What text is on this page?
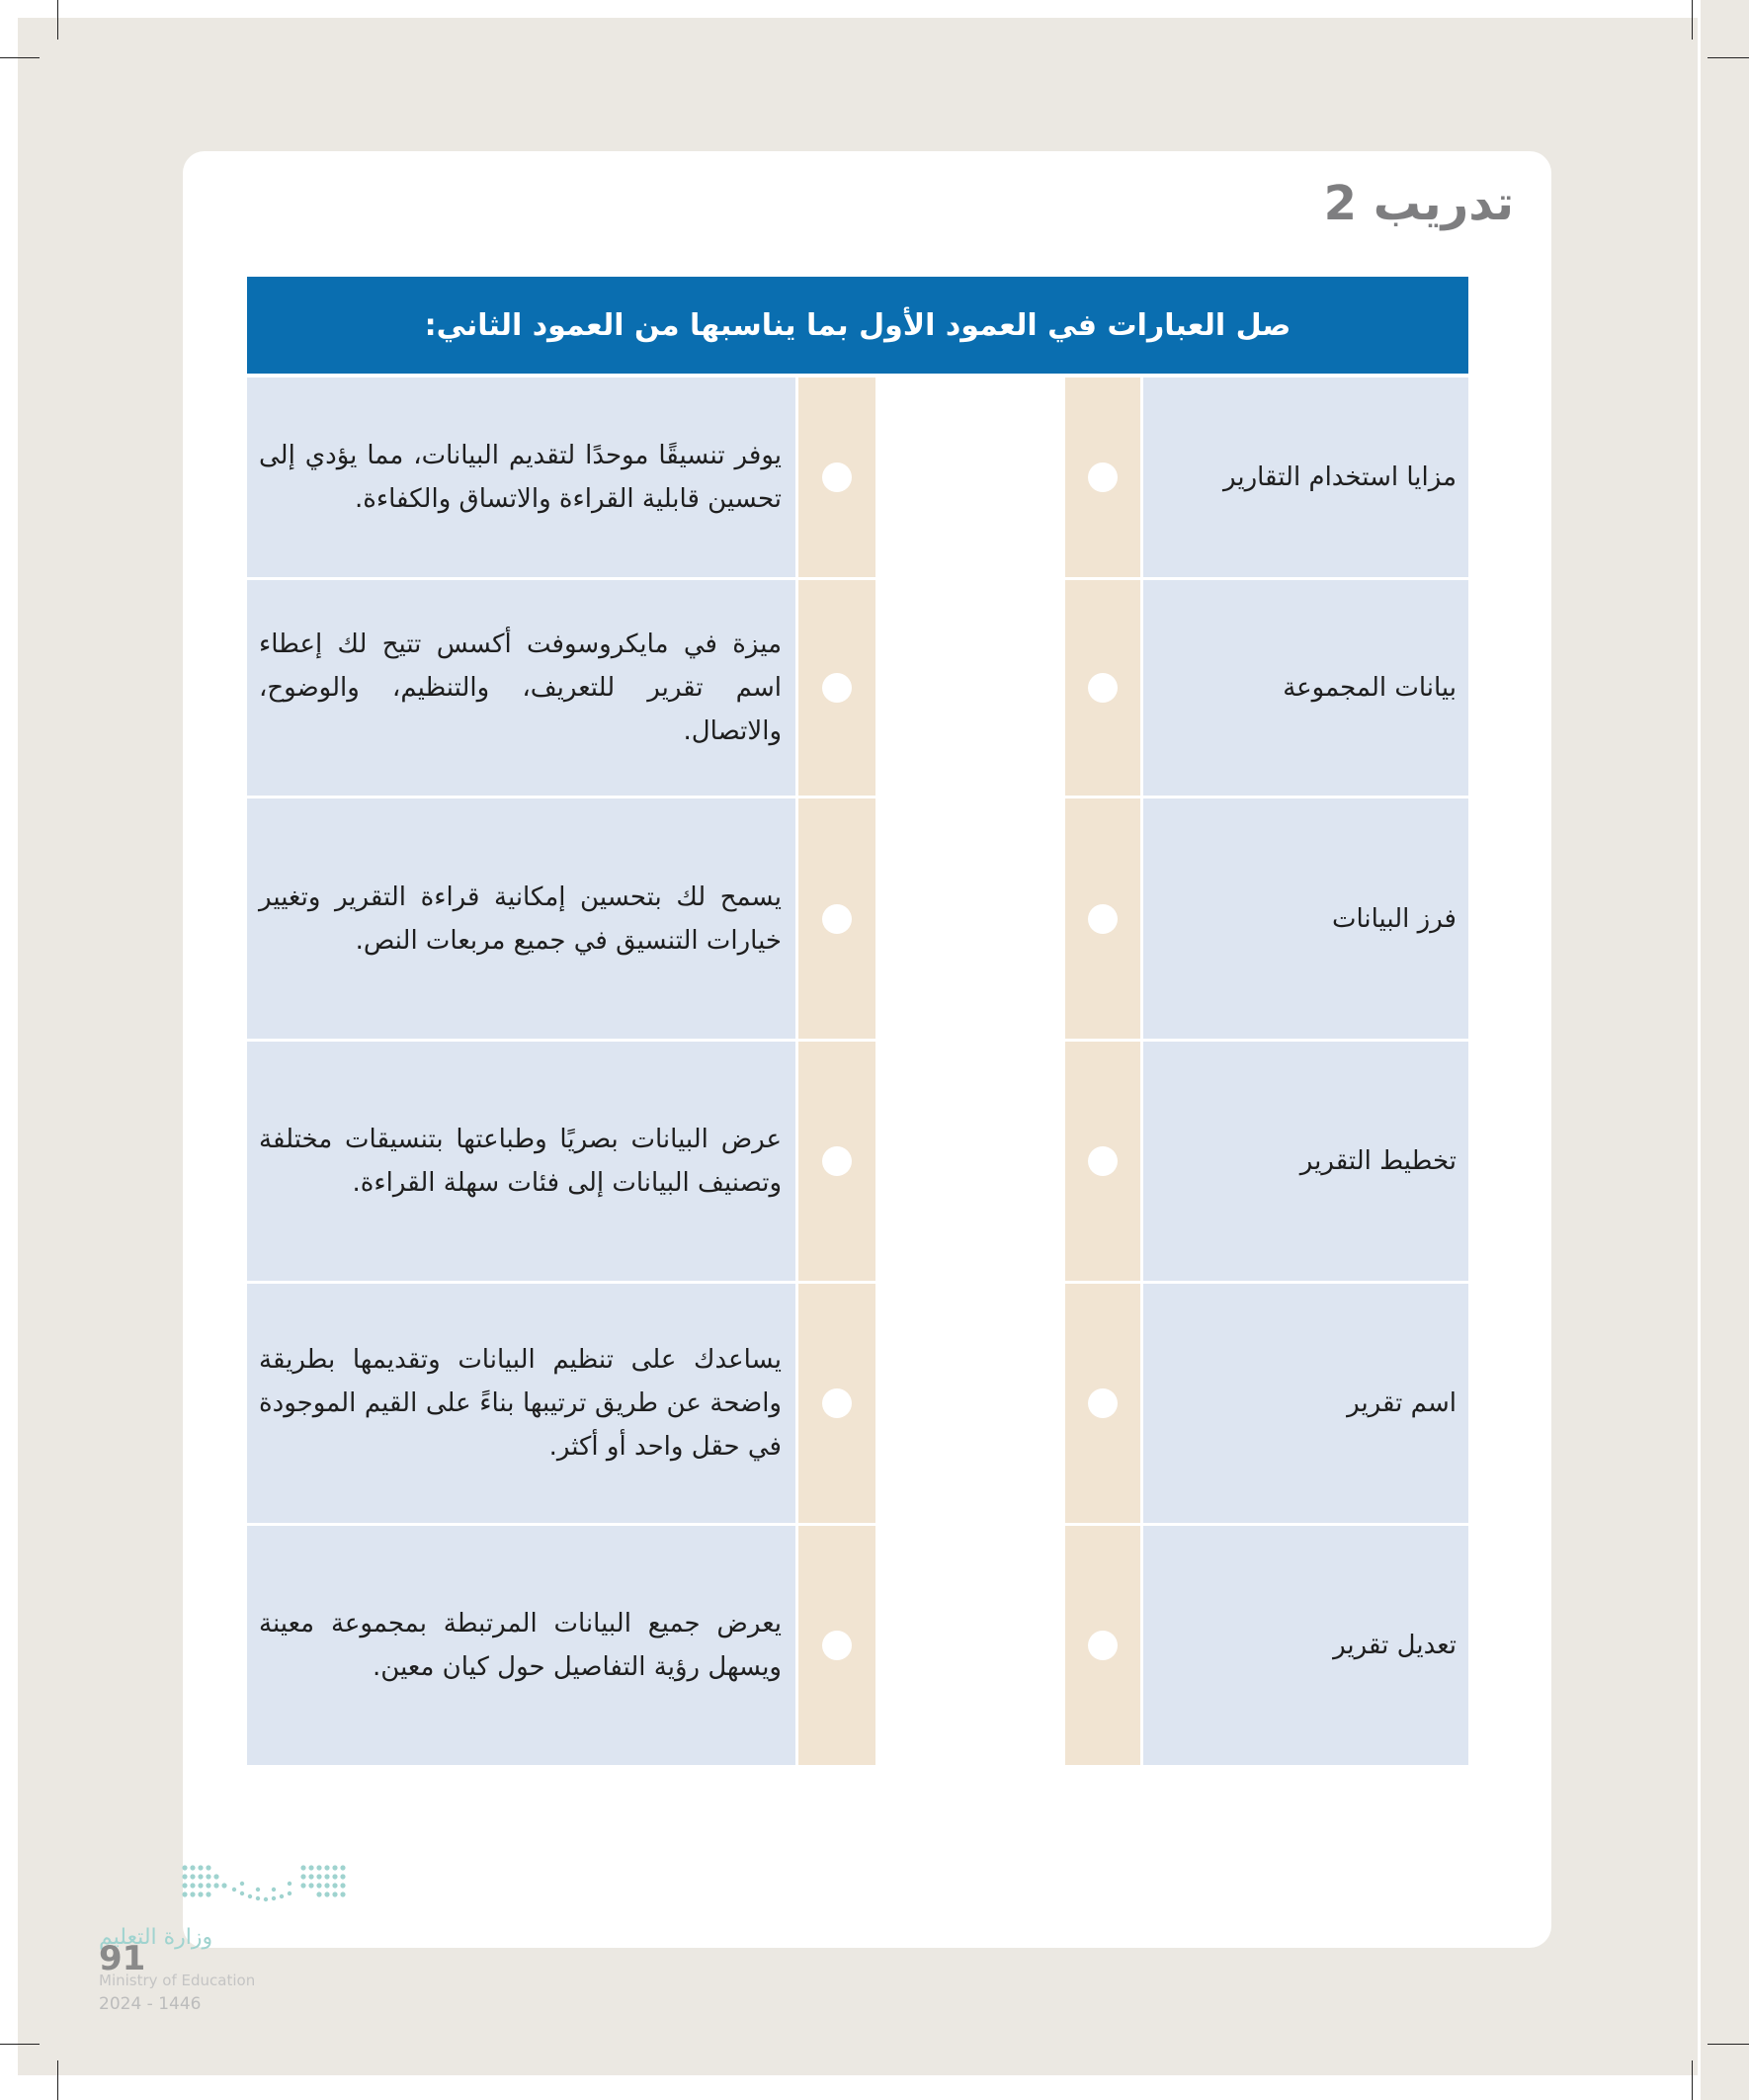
تدريب 2
صل العبارات في العمود الأول بما يناسبها من العمود الثاني:
مزايا استخدام التقارير

يوفر تنسيقًا موحدًا لتقديم البيانات، مما يؤدي إلى تحسين قابلية القراءة والاتساق والكفاءة.

بيانات المجموعة

ميزة في مايكروسوفت أكسس تتيح لك إعطاء اسم تقرير للتعريف، والتنظيم، والوضوح، والاتصال.

فرز البيانات

يسمح لك بتحسين إمكانية قراءة التقرير وتغيير خيارات التنسيق في جميع مربعات النص.

تخطيط التقرير

عرض البيانات بصريًا وطباعتها بتنسيقات مختلفة وتصنيف البيانات إلى فئات سهلة القراءة.

اسم تقرير

يساعدك على تنظيم البيانات وتقديمها بطريقة واضحة عن طريق ترتيبها بناءً على القيم الموجودة في حقل واحد أو أكثر.

تعديل تقرير

يعرض جميع البيانات المرتبطة بمجموعة معينة ويسهل رؤية التفاصيل حول كيان معين.

وزارة التعليم

91

Ministry of Education

2024 - 1446
